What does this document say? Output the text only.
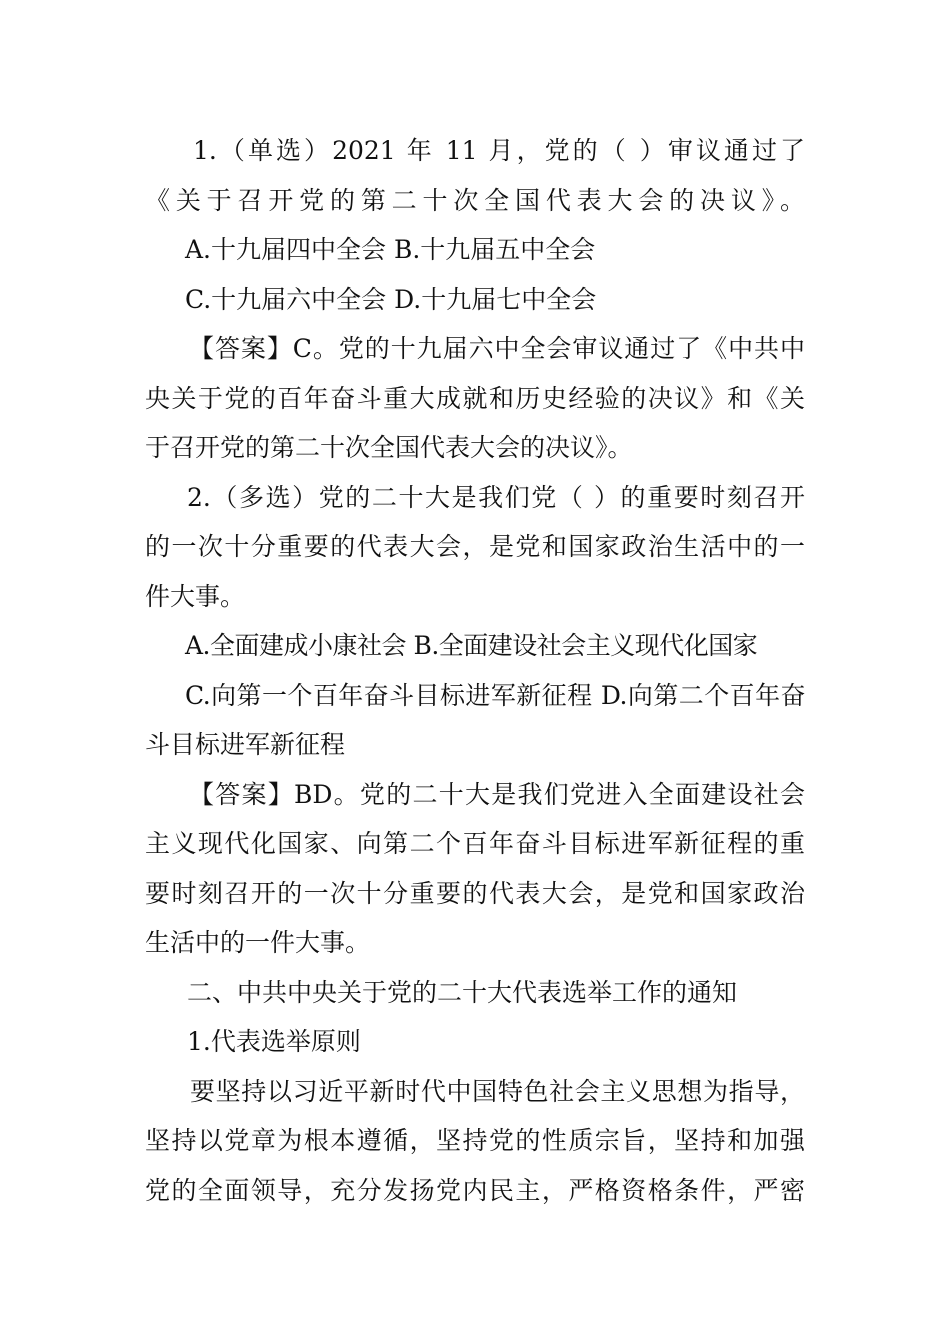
1.（单选）2021 年 11 月，党的（ ）审议通过了
《关于召开党的第二十次全国代表大会的决议》。
A.十九届四中全会 B.十九届五中全会
C.十九届六中全会 D.十九届七中全会
【答案】C。党的十九届六中全会审议通过了《中共中
央关于党的百年奋斗重大成就和历史经验的决议》和《关
于召开党的第二十次全国代表大会的决议》。
2.（多选）党的二十大是我们党（ ）的重要时刻召开
的一次十分重要的代表大会，是党和国家政治生活中的一
件大事。
A.全面建成小康社会 B.全面建设社会主义现代化国家
C.向第一个百年奋斗目标进军新征程 D.向第二个百年奋
斗目标进军新征程
【答案】BD。党的二十大是我们党进入全面建设社会
主义现代化国家、向第二个百年奋斗目标进军新征程的重
要时刻召开的一次十分重要的代表大会，是党和国家政治
生活中的一件大事。
二、中共中央关于党的二十大代表选举工作的通知
1.代表选举原则
要坚持以习近平新时代中国特色社会主义思想为指导，
坚持以党章为根本遵循，坚持党的性质宗旨，坚持和加强
党的全面领导，充分发扬党内民主，严格资格条件，严密
